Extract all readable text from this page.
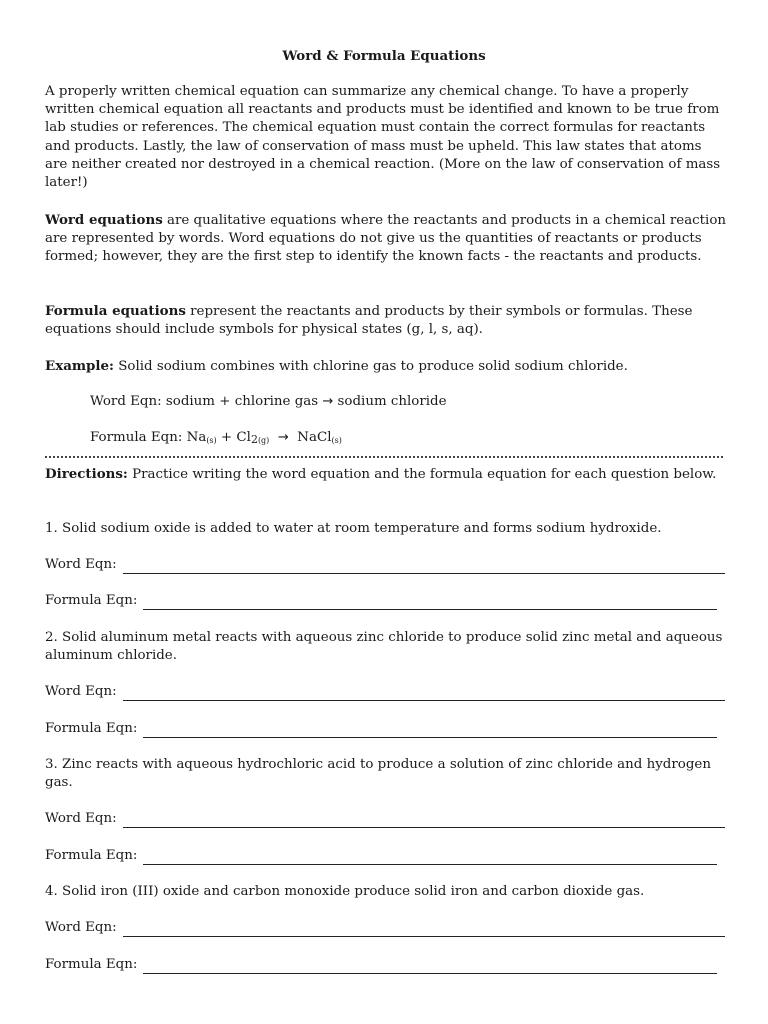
Word & Formula Equations
A properly written chemical equation can summarize any chemical change. To have a properly written chemical equation all reactants and products must be identified and known to be true from lab studies or references. The chemical equation must contain the correct formulas for reactants and products. Lastly, the law of conservation of mass must be upheld. This law states that atoms are neither created nor destroyed in a chemical reaction. (More on the law of conservation of mass later!)
Word equations are qualitative equations where the reactants and products in a chemical reaction are represented by words. Word equations do not give us the quantities of reactants or products formed; however, they are the first step to identify the known facts - the reactants and products.
Formula equations represent the reactants and products by their symbols or formulas. These equations should include symbols for physical states (g, l, s, aq).
Example: Solid sodium combines with chlorine gas to produce solid sodium chloride.
Word Eqn: sodium + chlorine gas → sodium chloride
Formula Eqn: $Na_{(s)} + Cl_{2(g)}$ → NaCl$_{(s)}$
Directions: Practice writing the word equation and the formula equation for each question below.
1. Solid sodium oxide is added to water at room temperature and forms sodium hydroxide.
Word Eqn:
Formula Eqn:
2. Solid aluminum metal reacts with aqueous zinc chloride to produce solid zinc metal and aqueous aluminum chloride.
Word Eqn:
Formula Eqn:
3. Zinc reacts with aqueous hydrochloric acid to produce a solution of zinc chloride and hydrogen gas.
Word Eqn:
Formula Eqn:
4. Solid iron (III) oxide and carbon monoxide produce solid iron and carbon dioxide gas.
Word Eqn:
Formula Eqn:
